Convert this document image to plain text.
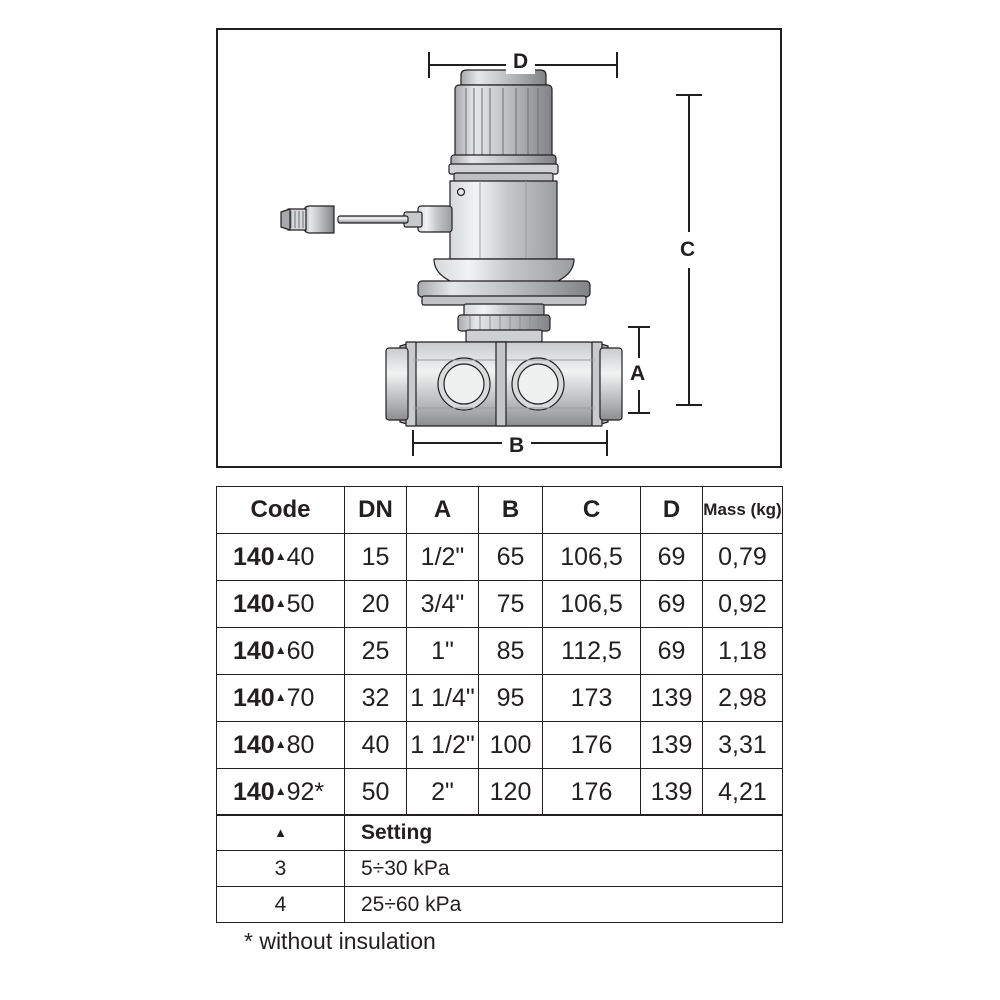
D
C
A
B
Code	DN	A	B	C	D	Mass (kg)
140▲40	15	1/2"	65	106,5	69	0,79
140▲50	20	3/4"	75	106,5	69	0,92
140▲60	25	1"	85	112,5	69	1,18
140▲70	32	1 1/4"	95	173	139	2,98
140▲80	40	1 1/2"	100	176	139	3,31
140▲92*	50	2"	120	176	139	4,21
▲	Setting
3	5÷30 kPa
4	25÷60 kPa
* without insulation
